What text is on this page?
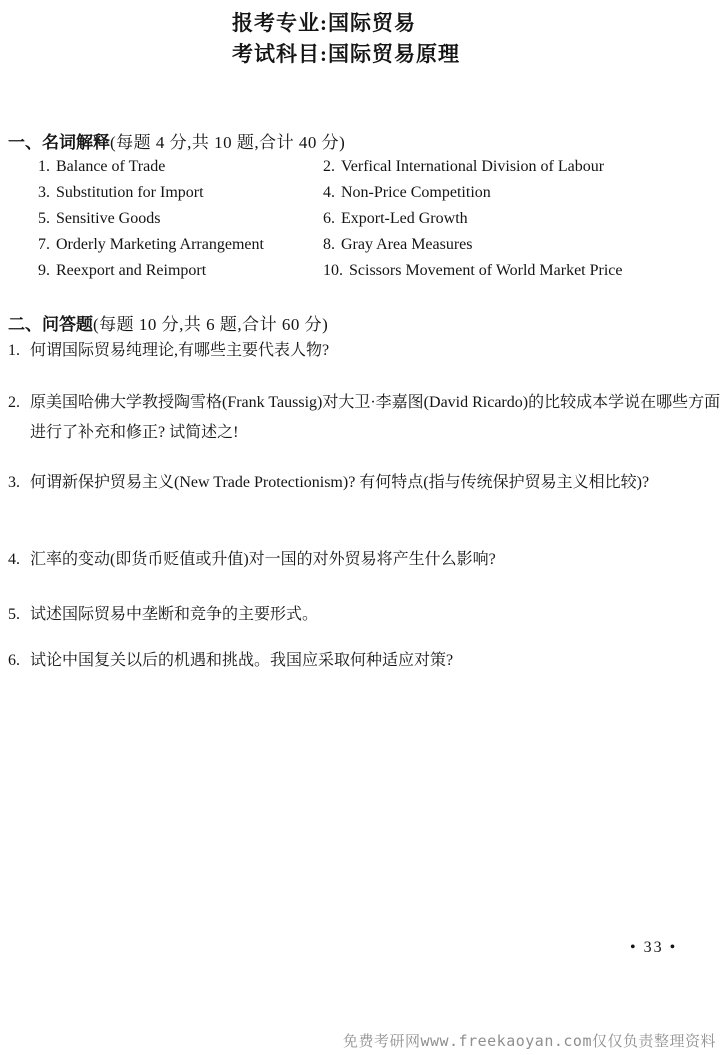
报考专业:国际贸易
考试科目:国际贸易原理
一、名词解释(每题 4 分,共 10 题,合计 40 分)
1. Balance of Trade	2. Verfical International Division of Labour
3. Substitution for Import	4. Non-Price Competition
5. Sensitive Goods	6. Export-Led Growth
7. Orderly Marketing Arrangement	8. Gray Area Measures
9. Reexport and Reimport	10. Scissors Movement of World Market Price
二、问答题(每题 10 分,共 6 题,合计 60 分)

1. 何谓国际贸易纯理论,有哪些主要代表人物?

2. 原美国哈佛大学教授陶雪格(Frank Taussig)对大卫·李嘉图(David Ricardo)的比较成本学说在哪些方面进行了补充和修正? 试简述之!

3. 何谓新保护贸易主义(New Trade Protectionism)? 有何特点(指与传统保护贸易主义相比较)?

4. 汇率的变动(即货币贬值或升值)对一国的对外贸易将产生什么影响?

5. 试述国际贸易中垄断和竞争的主要形式。

6. 试论中国复关以后的机遇和挑战。我国应采取何种适应对策?

• 33 •
免费考研网www.freekaoyan.com仅仅负责整理资料
